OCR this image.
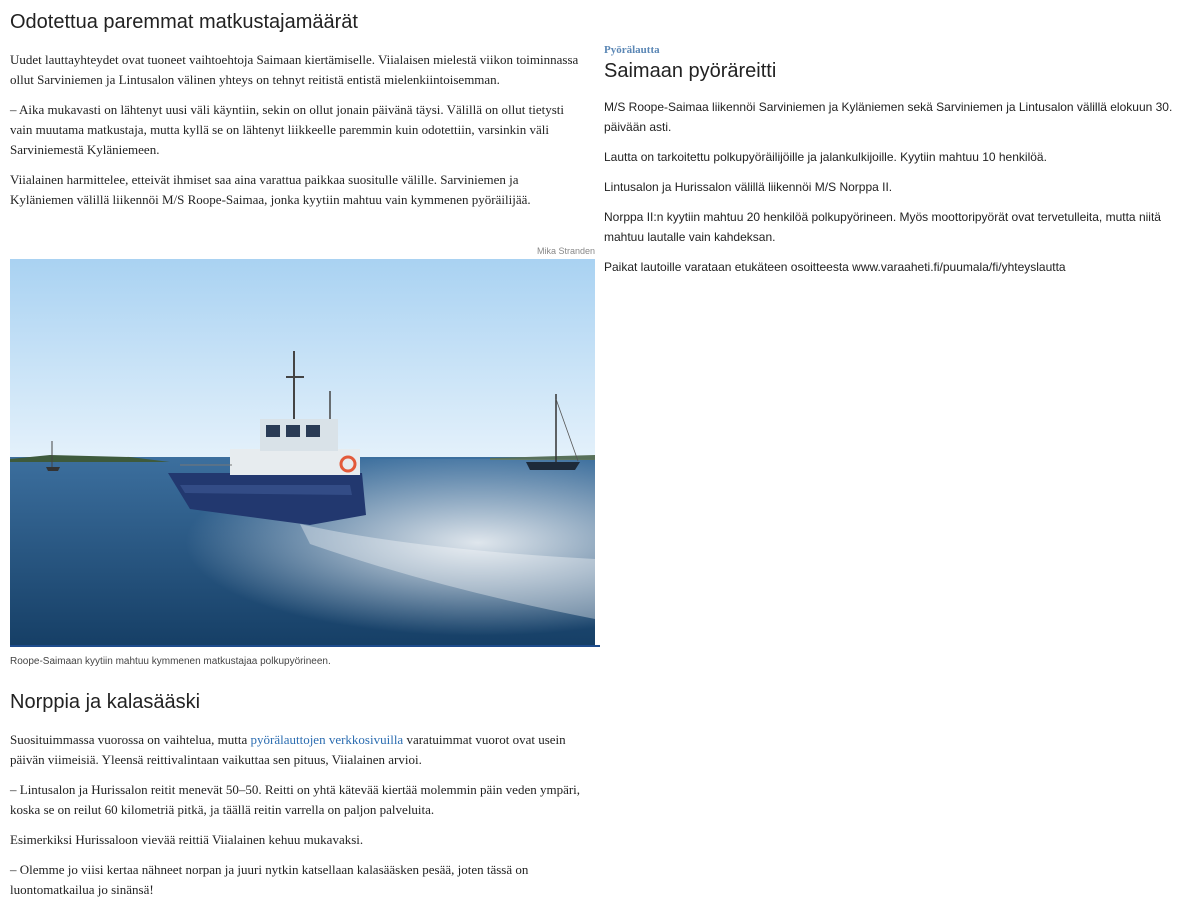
Odotettua paremmat matkustajamäärät

Uudet lauttayhteydet ovat tuoneet vaihtoehtoja Saimaan kiertämiselle. Viialaisen mielestä viikon toiminnassa ollut Sarviniemen ja Lintusalon välinen yhteys on tehnyt reitistä entistä mielenkiintoisemman.

– Aika mukavasti on lähtenyt uusi väli käyntiin, sekin on ollut jonain päivänä täysi. Välillä on ollut tietysti vain muutama matkustaja, mutta kyllä se on lähtenyt liikkeelle paremmin kuin odotettiin, varsinkin väli Sarviniemestä Kyläniemeen.

Viialainen harmittelee, etteivät ihmiset saa aina varattua paikkaa suositulle välille. Sarviniemen ja Kyläniemen välillä liikennöi M/S Roope-Saimaa, jonka kyytiin mahtuu vain kymmenen pyöräilijää.

Mika Stranden
Roope-Saimaan kyytiin mahtuu kymmenen matkustajaa polkupyörineen.
Norppia ja kalasääski

Suosituimmassa vuorossa on vaihtelua, mutta pyörälauttojen verkkosivuilla varatuimmat vuorot ovat usein päivän viimeisiä. Yleensä reittivalintaan vaikuttaa sen pituus, Viialainen arvioi.

– Lintusalon ja Hurissalon reitit menevät 50–50. Reitti on yhtä kätevää kiertää molemmin päin veden ympäri, koska se on reilut 60 kilometriä pitkä, ja täällä reitin varrella on paljon palveluita.

Esimerkiksi Hurissaloon vievää reittiä Viialainen kehuu mukavaksi.

– Olemme jo viisi kertaa nähneet norpan ja juuri nytkin katsellaan kalasääsken pesää, joten tässä on luontomatkailua jo sinänsä!

Pyörälautta
Saimaan pyöräreitti

M/S Roope-Saimaa liikennöi Sarviniemen ja Kyläniemen sekä Sarviniemen ja Lintusalon välillä elokuun 30. päivään asti.

Lautta on tarkoitettu polkupyöräilijöille ja jalankulkijoille. Kyytiin mahtuu 10 henkilöä.

Lintusalon ja Hurissalon välillä liikennöi M/S Norppa II.

Norppa II:n kyytiin mahtuu 20 henkilöä polkupyörineen. Myös moottoripyörät ovat tervetulleita, mutta niitä mahtuu lautalle vain kahdeksan.

Paikat lautoille varataan etukäteen osoitteesta www.varaaheti.fi/puumala/fi/yhteyslautta
